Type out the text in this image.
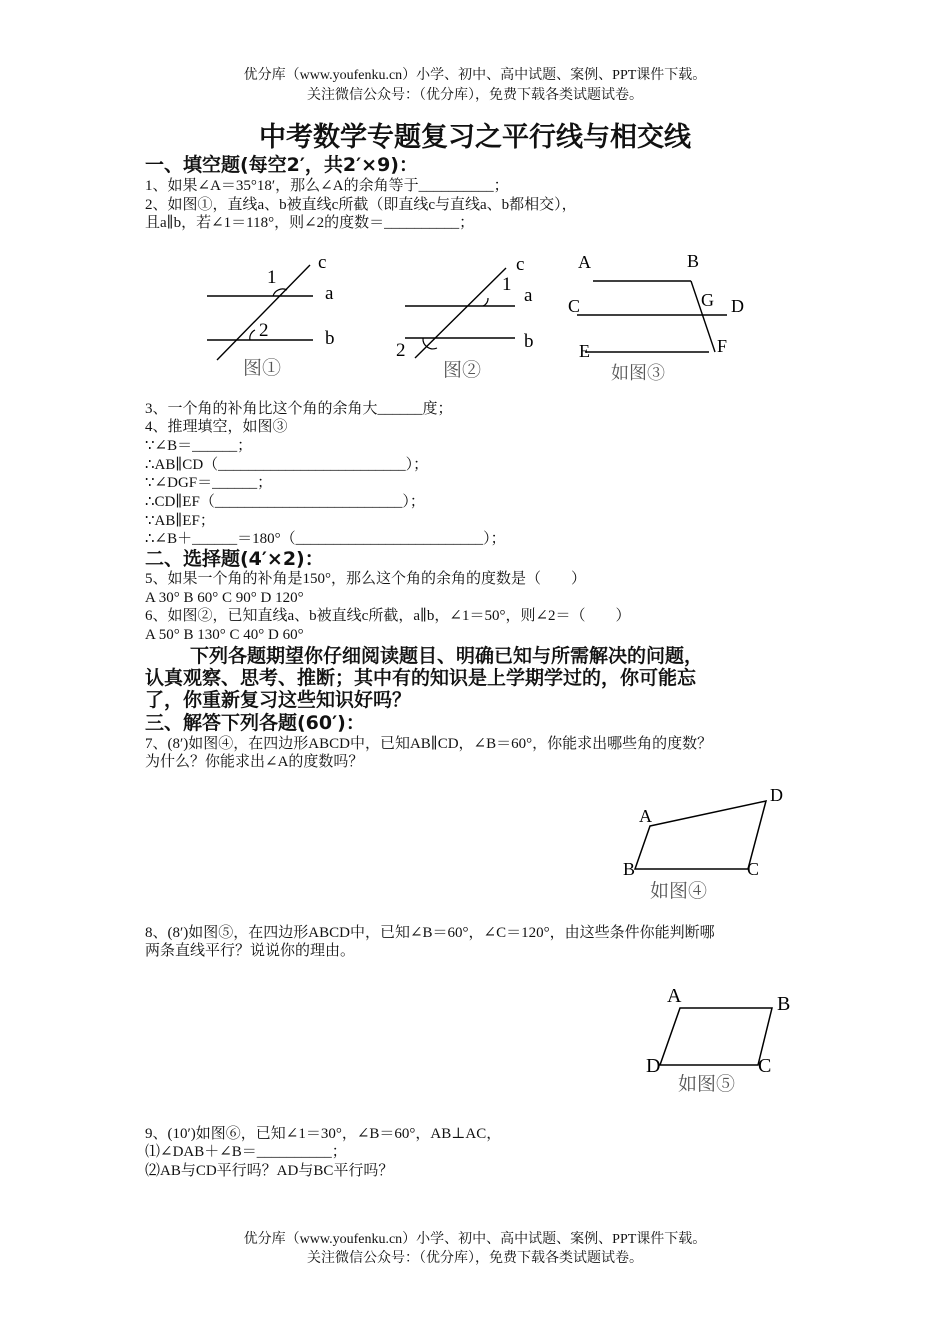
优分库（www.youfenku.cn）小学、初中、高中试题、案例、PPT课件下载。
关注微信公众号：（优分库），免费下载各类试题试卷。
中考数学专题复习之平行线与相交线
一、填空题(每空2′，共2′×9)：
1、如果∠A＝35°18′，那么∠A的余角等于__________；
2、如图①，直线a、b被直线c所截（即直线c与直线a、b都相交），
且a∥b，若∠1＝118°，则∠2的度数＝__________；
c
a
b
1
2
图①
c
a
b
1
2
图②
A	B
C	G D
E	F
如图③
3、一个角的补角比这个角的余角大______度；
4、推理填空，如图③
∵∠B＝______；
∴AB∥CD（_________________________）；
∵∠DGF＝______；
∴CD∥EF（_________________________）；
∵AB∥EF；
∴∠B＋______＝180°（_________________________）；
二、选择题(4′×2)：
5、如果一个角的补角是150°，那么这个角的余角的度数是（　　）
A 30° B 60° C 90° D 120°
6、如图②，已知直线a、b被直线c所截，a∥b，∠1＝50°，则∠2＝（　　）
A 50° B 130° C 40° D 60°
下列各题期望你仔细阅读题目、明确已知与所需解决的问题，
认真观察、思考、推断；其中有的知识是上学期学过的，你可能忘
了，你重新复习这些知识好吗？
三、解答下列各题(60′)：
7、(8′)如图④，在四边形ABCD中，已知AB∥CD，∠B＝60°，你能求出哪些角的度数？
为什么？你能求出∠A的度数吗？
A
B	C
D
如图④
8、(8′)如图⑤，在四边形ABCD中，已知∠B＝60°，∠C＝120°，由这些条件你能判断哪
两条直线平行？说说你的理由。
A	B
C
D
如图⑤
9、(10′)如图⑥，已知∠1＝30°，∠B＝60°，AB⊥AC，
⑴∠DAB＋∠B＝__________；
⑵AB与CD平行吗？AD与BC平行吗？
优分库（www.youfenku.cn）小学、初中、高中试题、案例、PPT课件下载。
关注微信公众号：（优分库），免费下载各类试题试卷。
